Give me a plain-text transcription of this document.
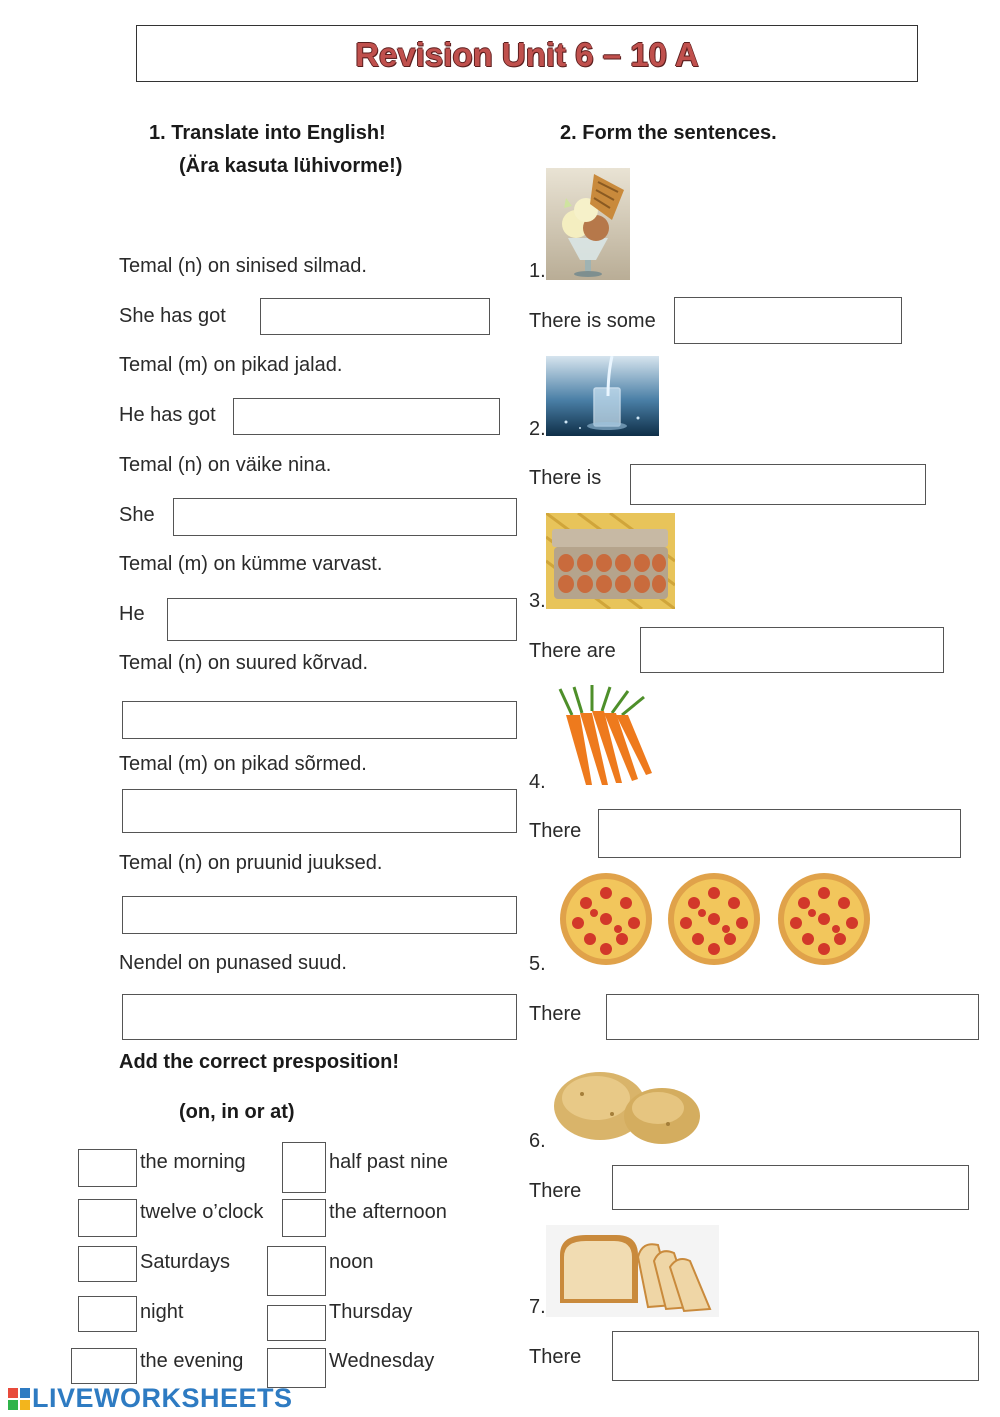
Revision Unit 6 – 10 A
1. Translate into English!
(Ära kasuta lühivorme!)
Temal (n) on sinised silmad.
She has got
Temal (m) on pikad jalad.
He has got
Temal (n) on väike nina.
She
Temal (m) on kümme varvast.
He
Temal (n) on suured kõrvad.
Temal (m) on pikad sõrmed.
Temal (n) on pruunid juuksed.
Nendel on punased suud.
Add the correct presposition!
(on, in or at)
the morning	half past nine
twelve o’clock	the afternoon
Saturdays	noon
night	Thursday
the evening	Wednesday
2. Form the sentences.
1.
There is some
2.
There is
3.
There are
4.
There
5.
There
6.
There
7.
There
LIVEWORKSHEETS
